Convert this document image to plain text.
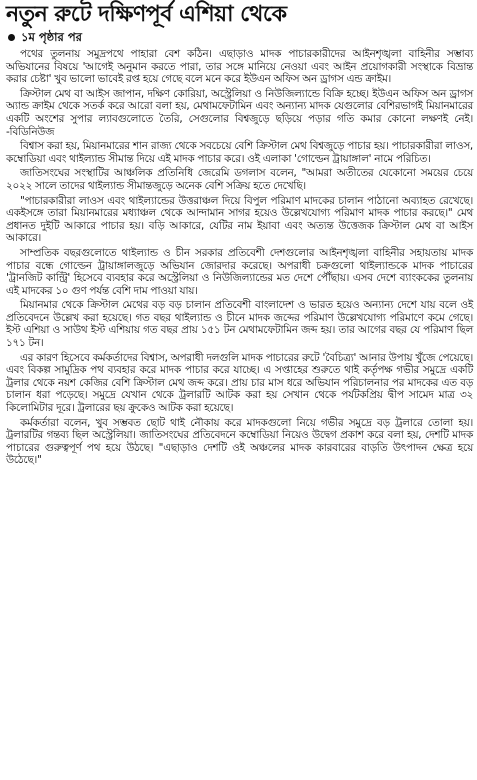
নতুন রুটে দক্ষিণপূর্ব এশিয়া থেকে
১ম পৃষ্ঠার পর

পথের তুলনায় সমুদ্রপথে পাহারা বেশ কঠিন। এছাড়াও মাদক পাচারকারীদের আইনশৃঙ্খলা বাহিনীর সম্ভাব্য অভিযানের বিষয়ে 'আগেই অনুমান করতে পারা, তার সঙ্গে মানিয়ে নেওয়া এবং আইন প্রয়োগকারী সংস্থাকে বিভ্রান্ত করার চেষ্টা' খুব ভালো ভাবেই রপ্ত হয়ে গেছে বলে মনে করে ইউএন অফিস অন ড্রাগস এন্ড ক্রাইম।

ক্রিস্টাল মেথ বা আইস জাপান, দক্ষিণ কোরিয়া, অস্ট্রেলিয়া ও নিউজিল্যান্ডে বিক্রি হচ্ছে। ইউএন অফিস অন ড্রাগস অ্যান্ড ক্রাইম থেকে সতর্ক করে আরো বলা হয়, মেথামফেটামিন এবং অন্যান্য মাদক যেগুলোর বেশিরভাগই মিয়ানমারের একটি অংশের সুপার ল্যাবগুলোতে তৈরি, সেগুলোর বিশ্বজুড়ে ছড়িয়ে পড়ার গতি কমার কোনো লক্ষণই নেই। -বিডিনিউজ

বিশ্বাস করা হয়, মিয়ানমারের শান রাজ্য থেকে সবচেয়ে বেশি ক্রিস্টাল মেথ বিশ্বজুড়ে পাচার হয়। পাচারকারীরা লাওস, কম্বোডিয়া এবং থাইল্যান্ড সীমান্ত দিয়ে এই মাদক পাচার করে। ওই এলাকা 'গোল্ডেন ট্রায়াঙ্গাল' নামে পরিচিত।

জাতিসংঘের সংস্থাটির আঞ্চলিক প্রতিনিধি জেরেমি ডগলাস বলেন, "আমরা অতীতের যেকোনো সময়ের চেয়ে ২০২২ সালে তাদের থাইল্যান্ড সীমান্তজুড়ে অনেক বেশি সক্রিয় হতে দেখেছি।

"পাচারকারীরা লাওস এবং থাইল্যান্ডের উত্তরাঞ্চল দিয়ে বিপুল পরিমাণ মাদকের চালান পাঠানো অব্যাহত রেখেছে। একইসঙ্গে তারা মিয়ানমারের মধ্যাঞ্চল থেকে আন্দামান সাগর হয়েও উল্লেখযোগ্য পরিমাণ মাদক পাচার করছে।" মেথ প্রধানত দুইটি আকারে পাচার হয়। বড়ি আকারে, যেটির নাম ইয়াবা এবং অত্যন্ত উত্তেজক ক্রিস্টাল মেথ বা আইস আকারে।

সাম্প্রতিক বছরগুলোতে থাইল্যান্ড ও চীন সরকার প্রতিবেশী দেশগুলোর আইনশৃঙ্খলা বাহিনীর সহায়তায় মাদক পাচার বন্ধে গোল্ডেন ট্রায়াঙ্গালজুড়ে অভিযান জোরদার করেছে। অপরাধী চক্রগুলো থাইল্যান্ডকে মাদক পাচারের 'ট্রানজিট কান্ট্রি' হিসেবে ব্যবহার করে অস্ট্রেলিয়া ও নিউজিল্যান্ডের মত দেশে পৌঁছায়। এসব দেশে ব্যাংককের তুলনায় এই মাদকের ১০ গুণ পর্যন্ত বেশি দাম পাওয়া যায়।

মিয়ানমার থেকে ক্রিস্টাল মেথের বড় বড় চালান প্রতিবেশী বাংলাদেশ ও ভারত হয়েও অন্যান্য দেশে যায় বলে ওই প্রতিবেদনে উল্লেখ করা হয়েছে। গত বছর থাইল্যান্ড ও চীনে মাদক জব্দের পরিমাণ উল্লেখযোগ্য পরিমাণে কমে গেছে। ইস্ট এশিয়া ও সাউথ ইস্ট এশিয়ায় গত বছর প্রায় ১৫১ টন মেথামফেটামিন জব্দ হয়। তার আগের বছর যে পরিমাণ ছিল ১৭১ টন।

এর কারণ হিসেবে কর্মকর্তাদের বিশ্বাস, অপরাধী দলগুলি মাদক পাচারের রুটে 'বৈচিত্র্য' আনার উপায় খুঁজে পেয়েছে। এবং বিকল্প সামুদ্রিক পথ ব্যবহার করে মাদক পাচার করে যাচ্ছে। এ সপ্তাহের শুরুতে থাই কর্তৃপক্ষ গভীর সমুদ্রে একটি ট্রলার থেকে নয়শ কেজির বেশি ক্রিস্টাল মেথ জব্দ করে। প্রায় চার মাস ধরে অভিযান পরিচালনার পর মাদকের এত বড় চালান ধরা পড়েছে। সমুদ্রে যেখান থেকে ট্রলারটি আটক করা হয় সেখান থেকে পর্যটকপ্রিয় দ্বীপ সামেদ মাত্র ৩২ কিলোমিটার দূরে। ট্রলারের ছয় ক্রুকেও আটক করা হয়েছে।

কর্মকর্তারা বলেন, খুব সম্ভবত ছোট থাই নৌকায় করে মাদকগুলো নিয়ে গভীর সমুদ্রে বড় ট্রলারে তোলা হয়। ট্রলারটির গন্তব্য ছিল অস্ট্রেলিয়া। জাতিসংঘের প্রতিবেদনে কম্বোডিয়া নিয়েও উদ্বেগ প্রকাশ করে বলা হয়, দেশটি মাদক পাচারের গুরুত্বপূর্ণ পথ হয়ে উঠছে। "এছাড়াও দেশটি ওই অঞ্চলের মাদক কারবারের বাড়তি উৎপাদন ক্ষেত্র হয়ে উঠেছে।"
